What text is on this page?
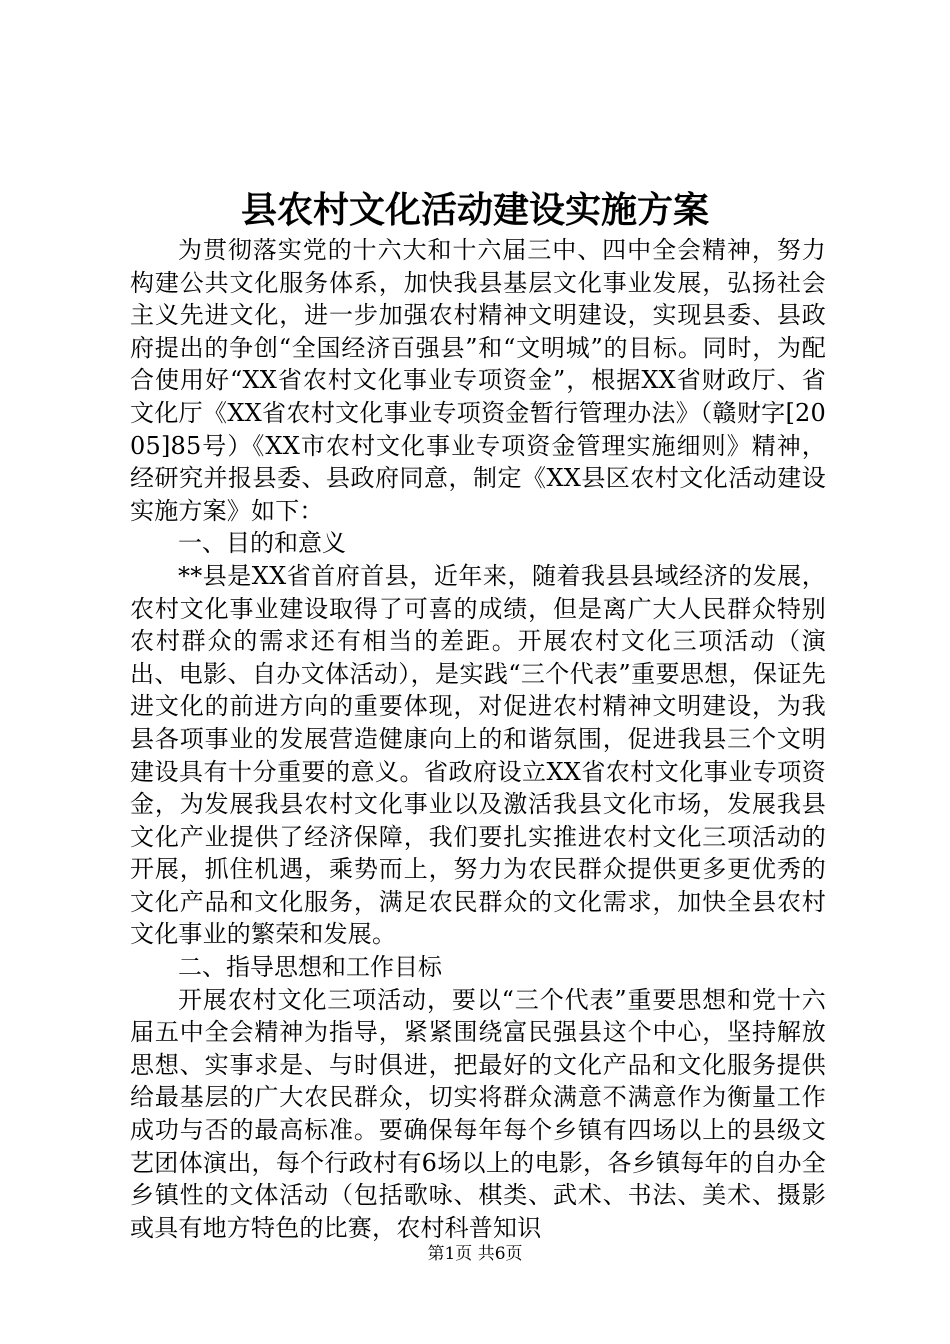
县农村文化活动建设实施方案

为贯彻落实党的十六大和十六届三中、四中全会精神，努力构建公共文化服务体系，加快我县基层文化事业发展，弘扬社会主义先进文化，进一步加强农村精神文明建设，实现县委、县政府提出的争创“全国经济百强县”和“文明城”的目标。同时，为配合使用好“XX省农村文化事业专项资金”，根据XX省财政厅、省文化厅《XX省农村文化事业专项资金暂行管理办法》（赣财字[2005]85号）《XX市农村文化事业专项资金管理实施细则》精神，经研究并报县委、县政府同意，制定《XX县区农村文化活动建设实施方案》如下：

一、目的和意义

**县是XX省首府首县，近年来，随着我县县域经济的发展，农村文化事业建设取得了可喜的成绩，但是离广大人民群众特别农村群众的需求还有相当的差距。开展农村文化三项活动（演出、电影、自办文体活动），是实践“三个代表”重要思想，保证先进文化的前进方向的重要体现，对促进农村精神文明建设，为我县各项事业的发展营造健康向上的和谐氛围，促进我县三个文明建设具有十分重要的意义。省政府设立XX省农村文化事业专项资金，为发展我县农村文化事业以及激活我县文化市场，发展我县文化产业提供了经济保障，我们要扎实推进农村文化三项活动的开展，抓住机遇，乘势而上，努力为农民群众提供更多更优秀的文化产品和文化服务，满足农民群众的文化需求，加快全县农村文化事业的繁荣和发展。

二、指导思想和工作目标

开展农村文化三项活动，要以“三个代表”重要思想和党十六届五中全会精神为指导，紧紧围绕富民强县这个中心，坚持解放思想、实事求是、与时俱进，把最好的文化产品和文化服务提供给最基层的广大农民群众，切实将群众满意不满意作为衡量工作成功与否的最高标准。要确保每年每个乡镇有四场以上的县级文艺团体演出，每个行政村有6场以上的电影，各乡镇每年的自办全乡镇性的文体活动（包括歌咏、棋类、武术、书法、美术、摄影或具有地方特色的比赛，农村科普知识

第1页 共6页
